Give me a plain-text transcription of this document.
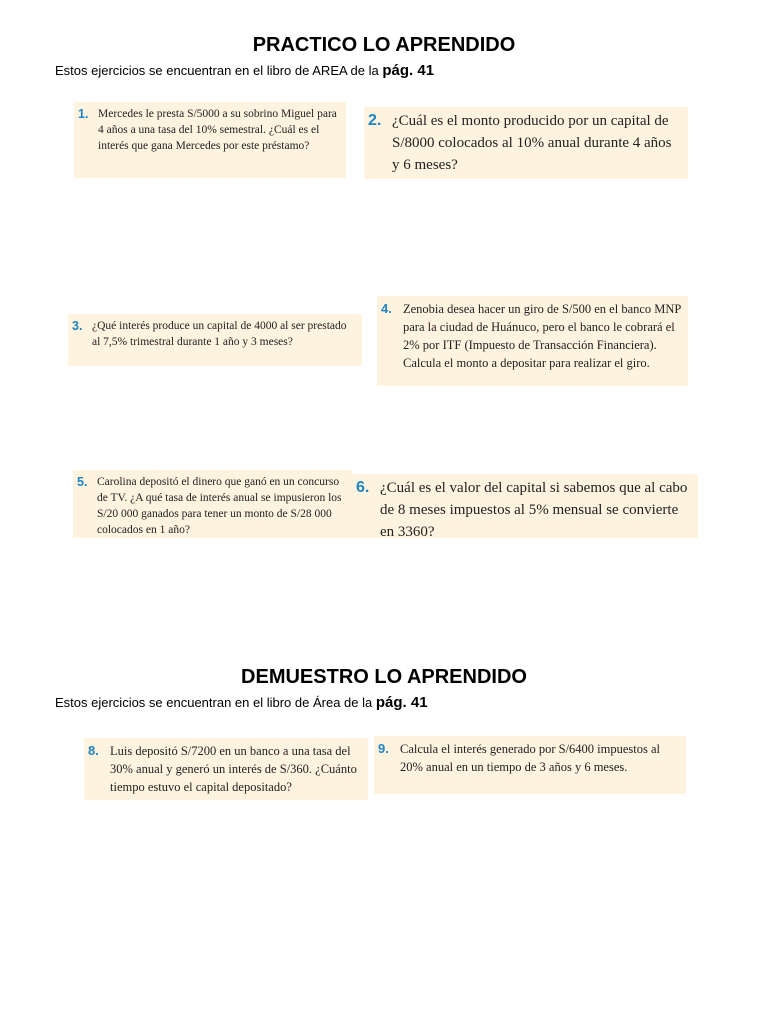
PRACTICO LO APRENDIDO

Estos ejercicios se encuentran en el libro de AREA de la pág. 41

1. Mercedes le presta S/5000 a su sobrino Miguel para 4 años a una tasa del 10% semestral. ¿Cuál es el interés que gana Mercedes por este préstamo?
2. ¿Cuál es el monto producido por un capital de S/8000 colocados al 10% anual durante 4 años y 6 meses?
3. ¿Qué interés produce un capital de 4000 al ser prestado al 7,5% trimestral durante 1 año y 3 meses?
4. Zenobia desea hacer un giro de S/500 en el banco MNP para la ciudad de Huánuco, pero el banco le cobrará el 2% por ITF (Impuesto de Transacción Financiera). Calcula el monto a depositar para realizar el giro.
5. Carolina depositó el dinero que ganó en un concurso de TV. ¿A qué tasa de interés anual se impusieron los S/20 000 ganados para tener un monto de S/28 000 colocados en 1 año?
6. ¿Cuál es el valor del capital si sabemos que al cabo de 8 meses impuestos al 5% mensual se convierte en 3360?
DEMUESTRO LO APRENDIDO

Estos ejercicios se encuentran en el libro de Área de la pág. 41

8. Luis depositó S/7200 en un banco a una tasa del 30% anual y generó un interés de S/360. ¿Cuánto tiempo estuvo el capital depositado?
9. Calcula el interés generado por S/6400 impuestos al 20% anual en un tiempo de 3 años y 6 meses.
